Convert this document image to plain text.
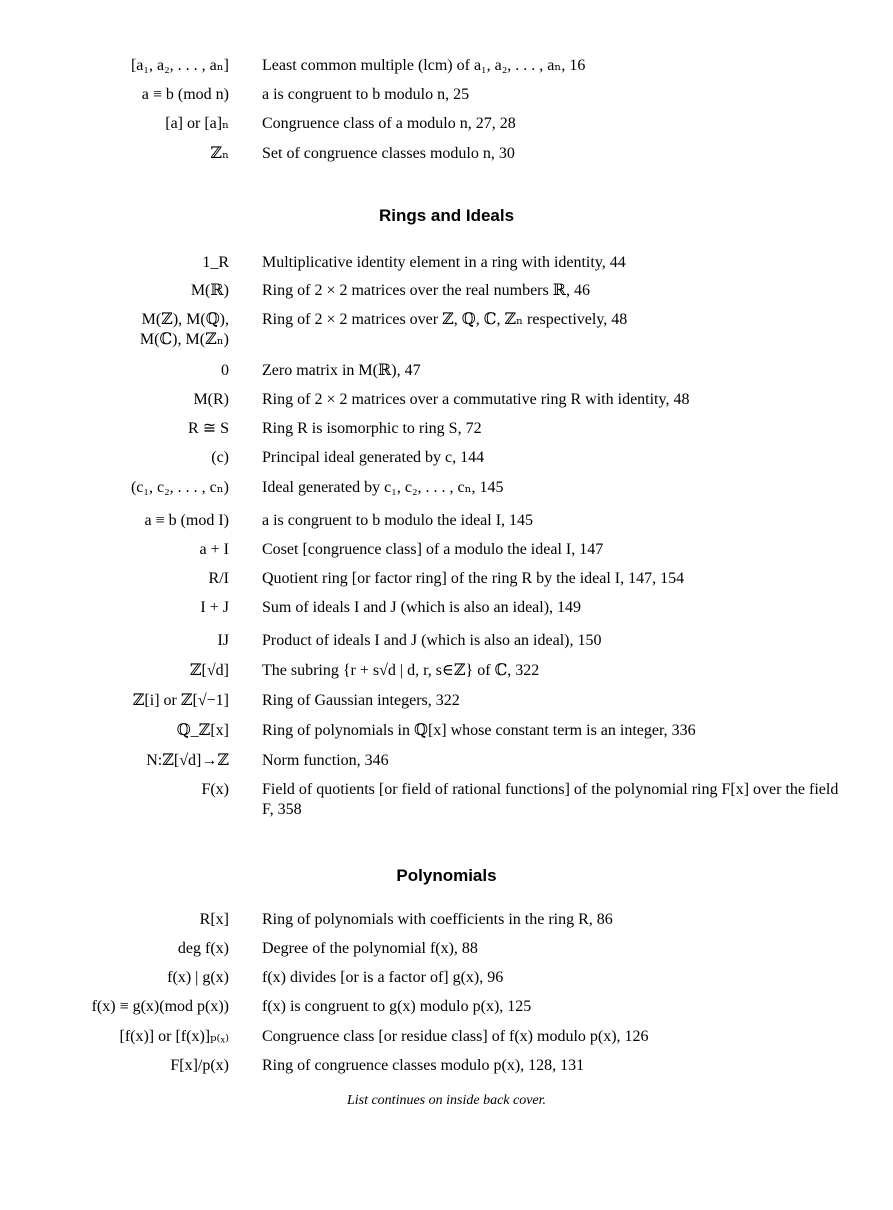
[a₁, a₂, . . . , aₙ] Least common multiple (lcm) of a₁, a₂, . . . , aₙ, 16
a ≡ b (mod n) a is congruent to b modulo n, 25
[a] or [a]ₙ Congruence class of a modulo n, 27, 28
ℤₙ Set of congruence classes modulo n, 30
Rings and Ideals
1_R Multiplicative identity element in a ring with identity, 44
M(ℝ) Ring of 2 × 2 matrices over the real numbers ℝ, 46
M(ℤ), M(ℚ),
M(ℂ), M(ℤₙ)
Ring of 2 × 2 matrices over ℤ, ℚ, ℂ, ℤₙ respectively, 48
0 Zero matrix in M(ℝ), 47
M(R) Ring of 2 × 2 matrices over a commutative ring R with identity, 48
R ≅ S Ring R is isomorphic to ring S, 72
(c) Principal ideal generated by c, 144
(c₁, c₂, . . . , cₙ) Ideal generated by c₁, c₂, . . . , cₙ, 145
a ≡ b (mod I) a is congruent to b modulo the ideal I, 145
a + I Coset [congruence class] of a modulo the ideal I, 147
R/I Quotient ring [or factor ring] of the ring R by the ideal I, 147, 154
I + J Sum of ideals I and J (which is also an ideal), 149
IJ Product of ideals I and J (which is also an ideal), 150
ℤ[√d] The subring {r + s√d | d, r, s∈ℤ} of ℂ, 322
ℤ[i] or ℤ[√−1] Ring of Gaussian integers, 322
ℚ_ℤ[x] Ring of polynomials in ℚ[x] whose constant term is an integer, 336
N:ℤ[√d]→ℤ Norm function, 346
F(x) Field of quotients [or field of rational functions] of the polynomial ring F[x] over the field F, 358
Polynomials
R[x] Ring of polynomials with coefficients in the ring R, 86
deg f(x) Degree of the polynomial f(x), 88
f(x) | g(x) f(x) divides [or is a factor of] g(x), 96
f(x) ≡ g(x)(mod p(x)) f(x) is congruent to g(x) modulo p(x), 125
[f(x)] or [f(x)]ₚ₍ₓ₎ Congruence class [or residue class] of f(x) modulo p(x), 126
F[x]/p(x) Ring of congruence classes modulo p(x), 128, 131
List continues on inside back cover.
